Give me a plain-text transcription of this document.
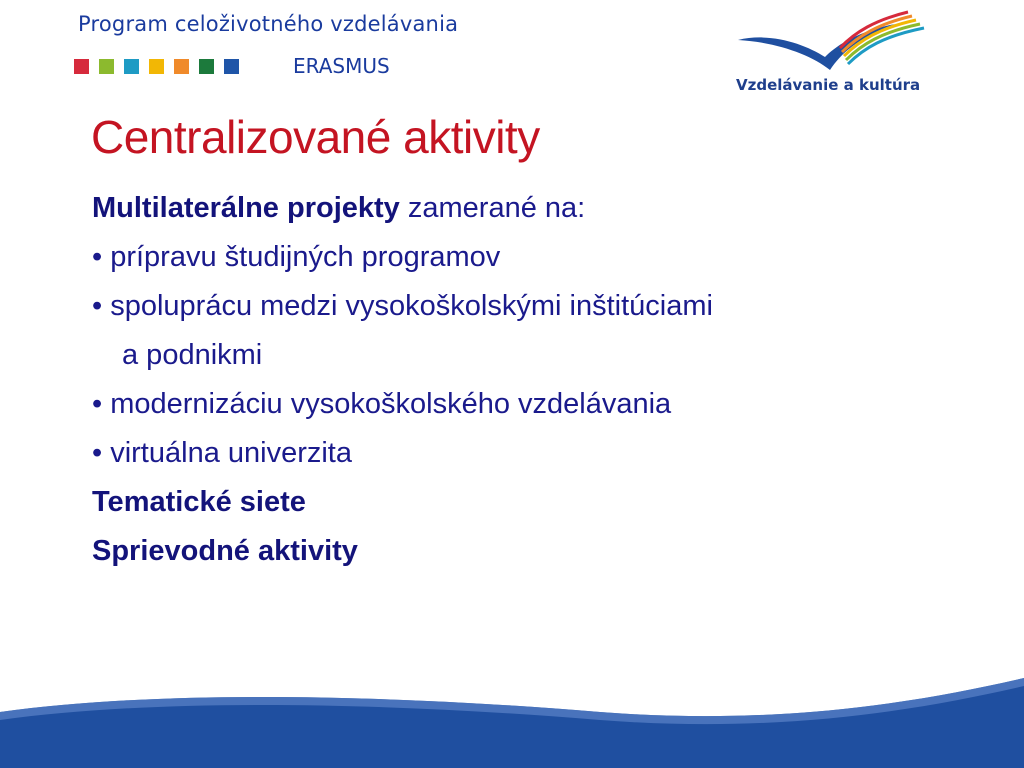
Program celoživotného vzdelávania
ERASMUS
Vzdelávanie a kultúra
Centralizované aktivity
Multilaterálne projekty zamerané na:
• prípravu študijných programov
• spoluprácu medzi vysokoškolskými inštitúciami
a podnikmi
• modernizáciu vysokoškolského vzdelávania
• virtuálna univerzita
Tematické siete
Sprievodné aktivity
